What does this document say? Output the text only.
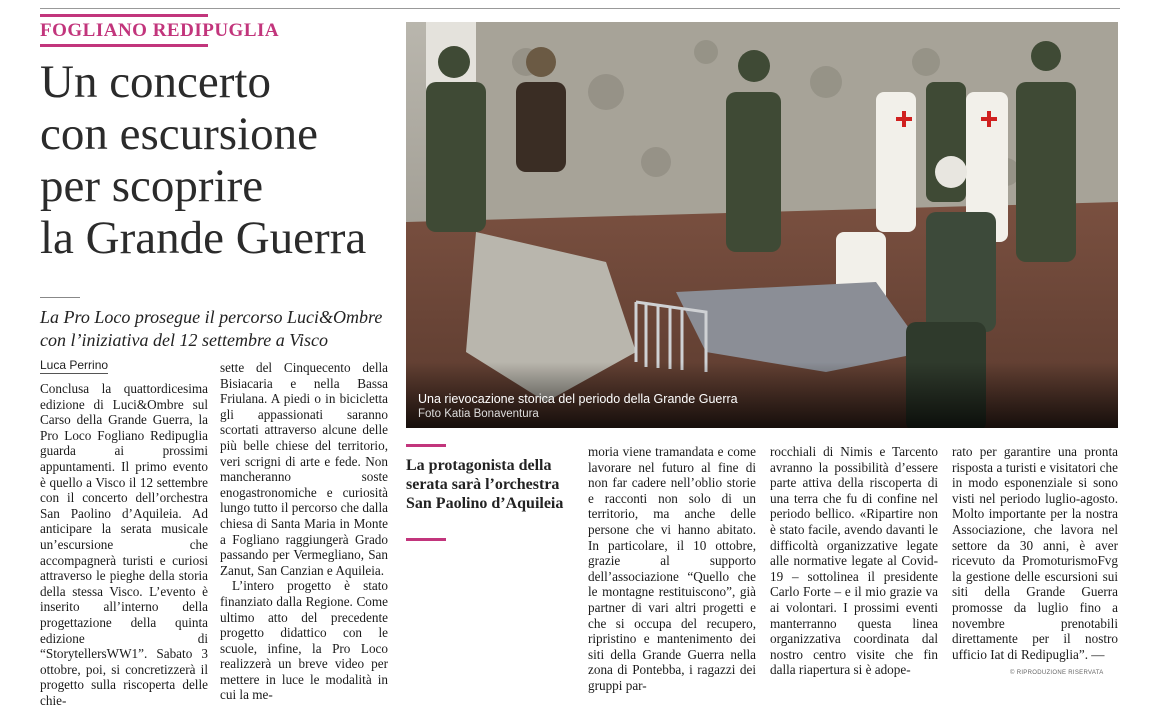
FOGLIANO REDIPUGLIA
Un concerto
con escursione
per scoprire
la Grande Guerra
La Pro Loco prosegue il percorso Luci&Ombre con l’iniziativa del 12 settembre a Visco
Luca Perrino

Conclusa la quattordicesima edizione di Luci&Ombre sul Carso della Grande Guerra, la Pro Loco Fogliano Redipuglia guarda ai prossimi appuntamenti. Il primo evento è quello a Visco il 12 settembre con il concerto dell’orchestra San Paolino d’Aquileia. Ad anticipare la serata musicale un’escursione che accompagnerà turisti e curiosi attraverso le pieghe della storia della stessa Visco. L’evento è inserito all’interno della progettazione della quinta edizione di “StorytellersWW1”. Sabato 3 ottobre, poi, si concretizzerà il progetto sulla riscoperta delle chie-

sette del Cinquecento della Bisiacaria e nella Bassa Friulana. A piedi o in bicicletta gli appassionati saranno scortati attraverso alcune delle più belle chiese del territorio, veri scrigni di arte e fede. Non mancheranno soste enogastronomiche e curiosità lungo tutto il percorso che dalla chiesa di Santa Maria in Monte a Fogliano raggiungerà Grado passando per Vermegliano, San Zanut, San Canzian e Aquileia.

L’intero progetto è stato finanziato dalla Regione. Come ultimo atto del precedente progetto didattico con le scuole, infine, la Pro Loco realizzerà un breve video per mettere in luce le modalità in cui la me-

Una rievocazione storica del periodo della Grande Guerra
Foto Katia Bonaventura
La protagonista della serata sarà l’orchestra San Paolino d’Aquileia

moria viene tramandata e come lavorare nel futuro al fine di non far cadere nell’oblio storie e racconti non solo di un territorio, ma anche delle persone che vi hanno abitato. In particolare, il 10 ottobre, grazie al supporto dell’associazione “Quello che le montagne restituiscono”, già partner di vari altri progetti e che si occupa del recupero, ripristino e mantenimento dei siti della Grande Guerra nella zona di Pontebba, i ragazzi dei gruppi par-

rocchiali di Nimis e Tarcento avranno la possibilità d’essere parte attiva della riscoperta di una terra che fu di confine nel periodo bellico. «Ripartire non è stato facile, avendo davanti le difficoltà organizzative legate alle normative legate al Covid-19 – sottolinea il presidente Carlo Forte – e il mio grazie va ai volontari. I prossimi eventi manterranno questa linea organizzativa coordinata dal nostro centro visite che fin dalla riapertura si è adope-

rato per garantire una pronta risposta a turisti e visitatori che in modo esponenziale si sono visti nel periodo luglio-agosto. Molto importante per la nostra Associazione, che lavora nel settore da 30 anni, è aver ricevuto da PromoturismoFvg la gestione delle escursioni sui siti della Grande Guerra promosse da luglio fino a novembre prenotabili direttamente per il nostro ufficio Iat di Redipuglia”. —

© RIPRODUZIONE RISERVATA
